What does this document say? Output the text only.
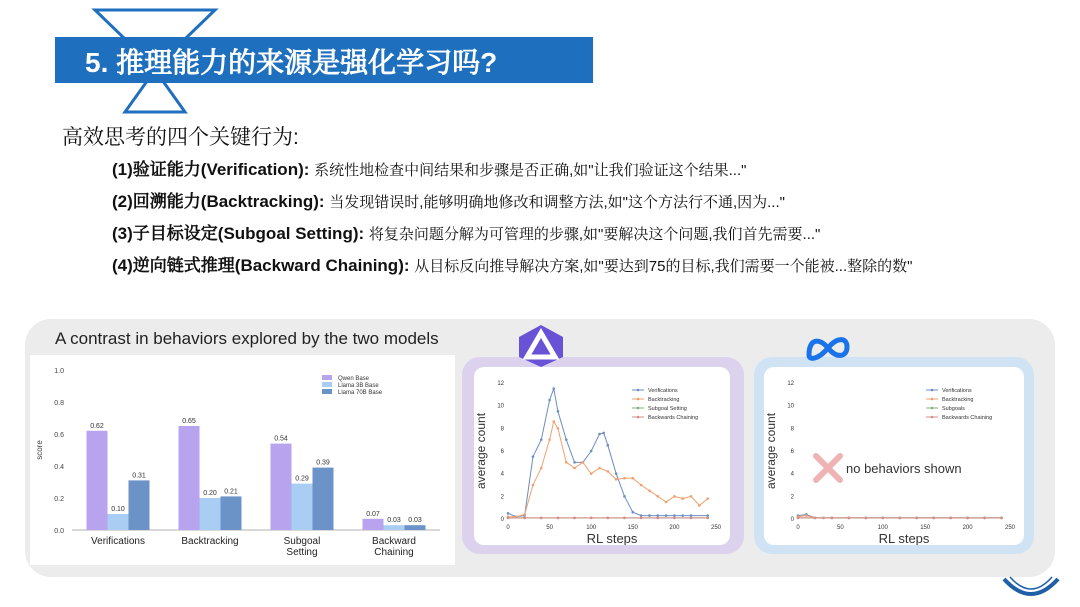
5. 推理能力的来源是强化学习吗?
高效思考的四个关键行为:
(1)验证能力(Verification): 系统性地检查中间结果和步骤是否正确,如"让我们验证这个结果..."
(2)回溯能力(Backtracking): 当发现错误时,能够明确地修改和调整方法,如"这个方法行不通,因为..."
(3)子目标设定(Subgoal Setting): 将复杂问题分解为可管理的步骤,如"要解决这个问题,我们首先需要..."
(4)逆向链式推理(Backward Chaining): 从目标反向推导解决方案,如"要达到75的目标,我们需要一个能被...整除的数"
A contrast in behaviors explored by the two models
0.0
0.2
0.4
0.6
0.8
1.0
score
0.62
0.10
0.31
Verifications
0.65
0.20 0.21
Backtracking
0.54
0.29
0.39
Subgoal
Setting
0.07
0.03 0.03
Backward
Chaining
Qwen Base
Llama 3B Base
Llama 70B Base
0
2
4
6
8
10
12
0	50	100	150	200	250
RL steps
average count
Verifications
Backtracking
Subgoal Setting
Backwards Chaining
0
2
4
6
8
10
12
0	50	100	150	200	250
RL steps
average count
Verifications
Backtracking
Subgoals
Backwards Chaining
no behaviors shown
